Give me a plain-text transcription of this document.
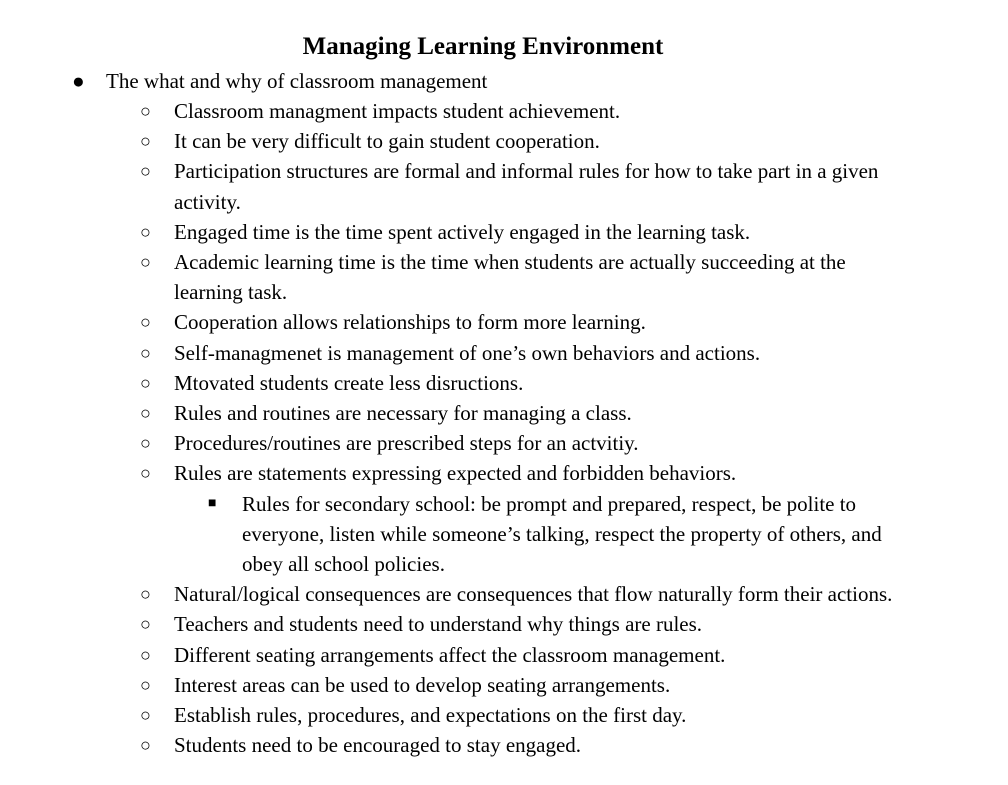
Managing Learning Environment
● The what and why of classroom management
○ Classroom managment impacts student achievement.
○ It can be very difficult to gain student cooperation.
○ Participation structures are formal and informal rules for how to take part in a given activity.
○ Engaged time is the time spent actively engaged in the learning task.
○ Academic learning time is the time when students are actually succeeding at the learning task.
○ Cooperation allows relationships to form more learning.
○ Self-managmenet is management of one’s own behaviors and actions.
○ Mtovated students create less disructions.
○ Rules and routines are necessary for managing a class.
○ Procedures/routines are prescribed steps for an actvitiy.
○ Rules are statements expressing expected and forbidden behaviors.
■ Rules for secondary school: be prompt and prepared, respect, be polite to everyone, listen while someone’s talking, respect the property of others, and obey all school policies.
○ Natural/logical consequences are consequences that flow naturally form their actions.
○ Teachers and students need to understand why things are rules.
○ Different seating arrangements affect the classroom management.
○ Interest areas can be used to develop seating arrangements.
○ Establish rules, procedures, and expectations on the first day.
○ Students need to be encouraged to stay engaged.
